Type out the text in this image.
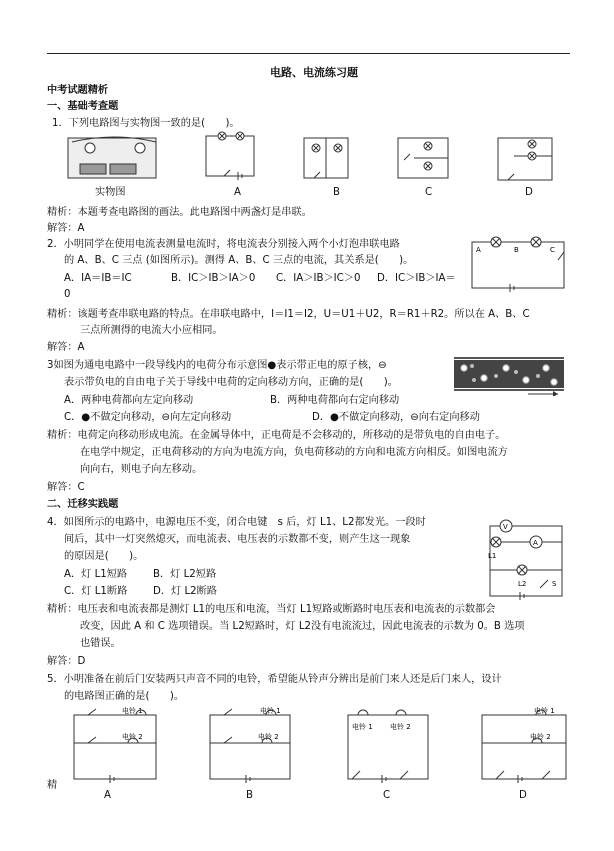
电路、电流练习题
中考试题精析
一、基础考查题
1．下列电路图与实物图一致的是(　　)。
实物图	A	B	C	D
精析：本题考查电路图的画法。此电路图中两盏灯是串联。
解答：A
2．小明同学在使用电流表测量电流时，将电流表分别接入两个小灯泡串联电路
的 A、B、C 三点 (如图所示)。测得 A、B、C 三点的电流，其关系是(　　)。
A．IA＝IB＝IC	B．IC＞IB＞IA＞0 C．IA＞IB＞IC＞0 D．IC＞IB＞IA＝
0
A	B	C
精析：该题考查串联电路的特点。在串联电路中，I＝I1＝I2，U＝U1＋U2，R＝R1＋R2。所以在 A、B、C
三点所测得的电流大小应相同。
解答：A
3如图为通电电路中一段导线内的电荷分布示意图●表示带正电的原子核，⊖
表示带负电的自由电子关于导线中电荷的定向移动方向，正确的是(　　)。
A．两种电荷都向左定向移动	B．两种电荷都向右定向移动
C．●不做定向移动，⊖向左定向移动	D．●不做定向移动，⊖向右定向移动
精析：电荷定向移动形成电流。在金属导体中，正电荷是不会移动的，所移动的是带负电的自由电子。
在电学中规定，正电荷移动的方向为电流方向，负电荷移动的方向和电流方向相反。如图电流方
向向右，则电子向左移动。
解答：C
二、迁移实践题
4．如图所示的电路中，电源电压不变，闭合电键　s 后，灯 L1、L2都发光。一段时
间后，其中一灯突然熄灭，而电流表、电压表的示数都不变，则产生这一现象
的原因是(　　)。
A．灯 L1短路	B．灯 L2短路
C．灯 L1断路	D．灯 L2断路
V
A
L1
L2	S
精析：电压表和电流表都是测灯 L1的电压和电流，当灯 L1短路或断路时电压表和电流表的示数都会
改变，因此 A 和 C 选项错误。当 L2短路时，灯 L2没有电流流过，因此电流表的示数为 0。B 选项
也错误。
解答：D
5．小明准备在前后门安装两只声音不同的电铃，希望能从铃声分辨出是前门来人还是后门来人，设计
的电路图正确的是(　　)。
电铃 1
电铃 2
电铃 1
电铃 2
电铃 1 电铃 2
电铃 1
电铃 2
A	B	C	D
精
